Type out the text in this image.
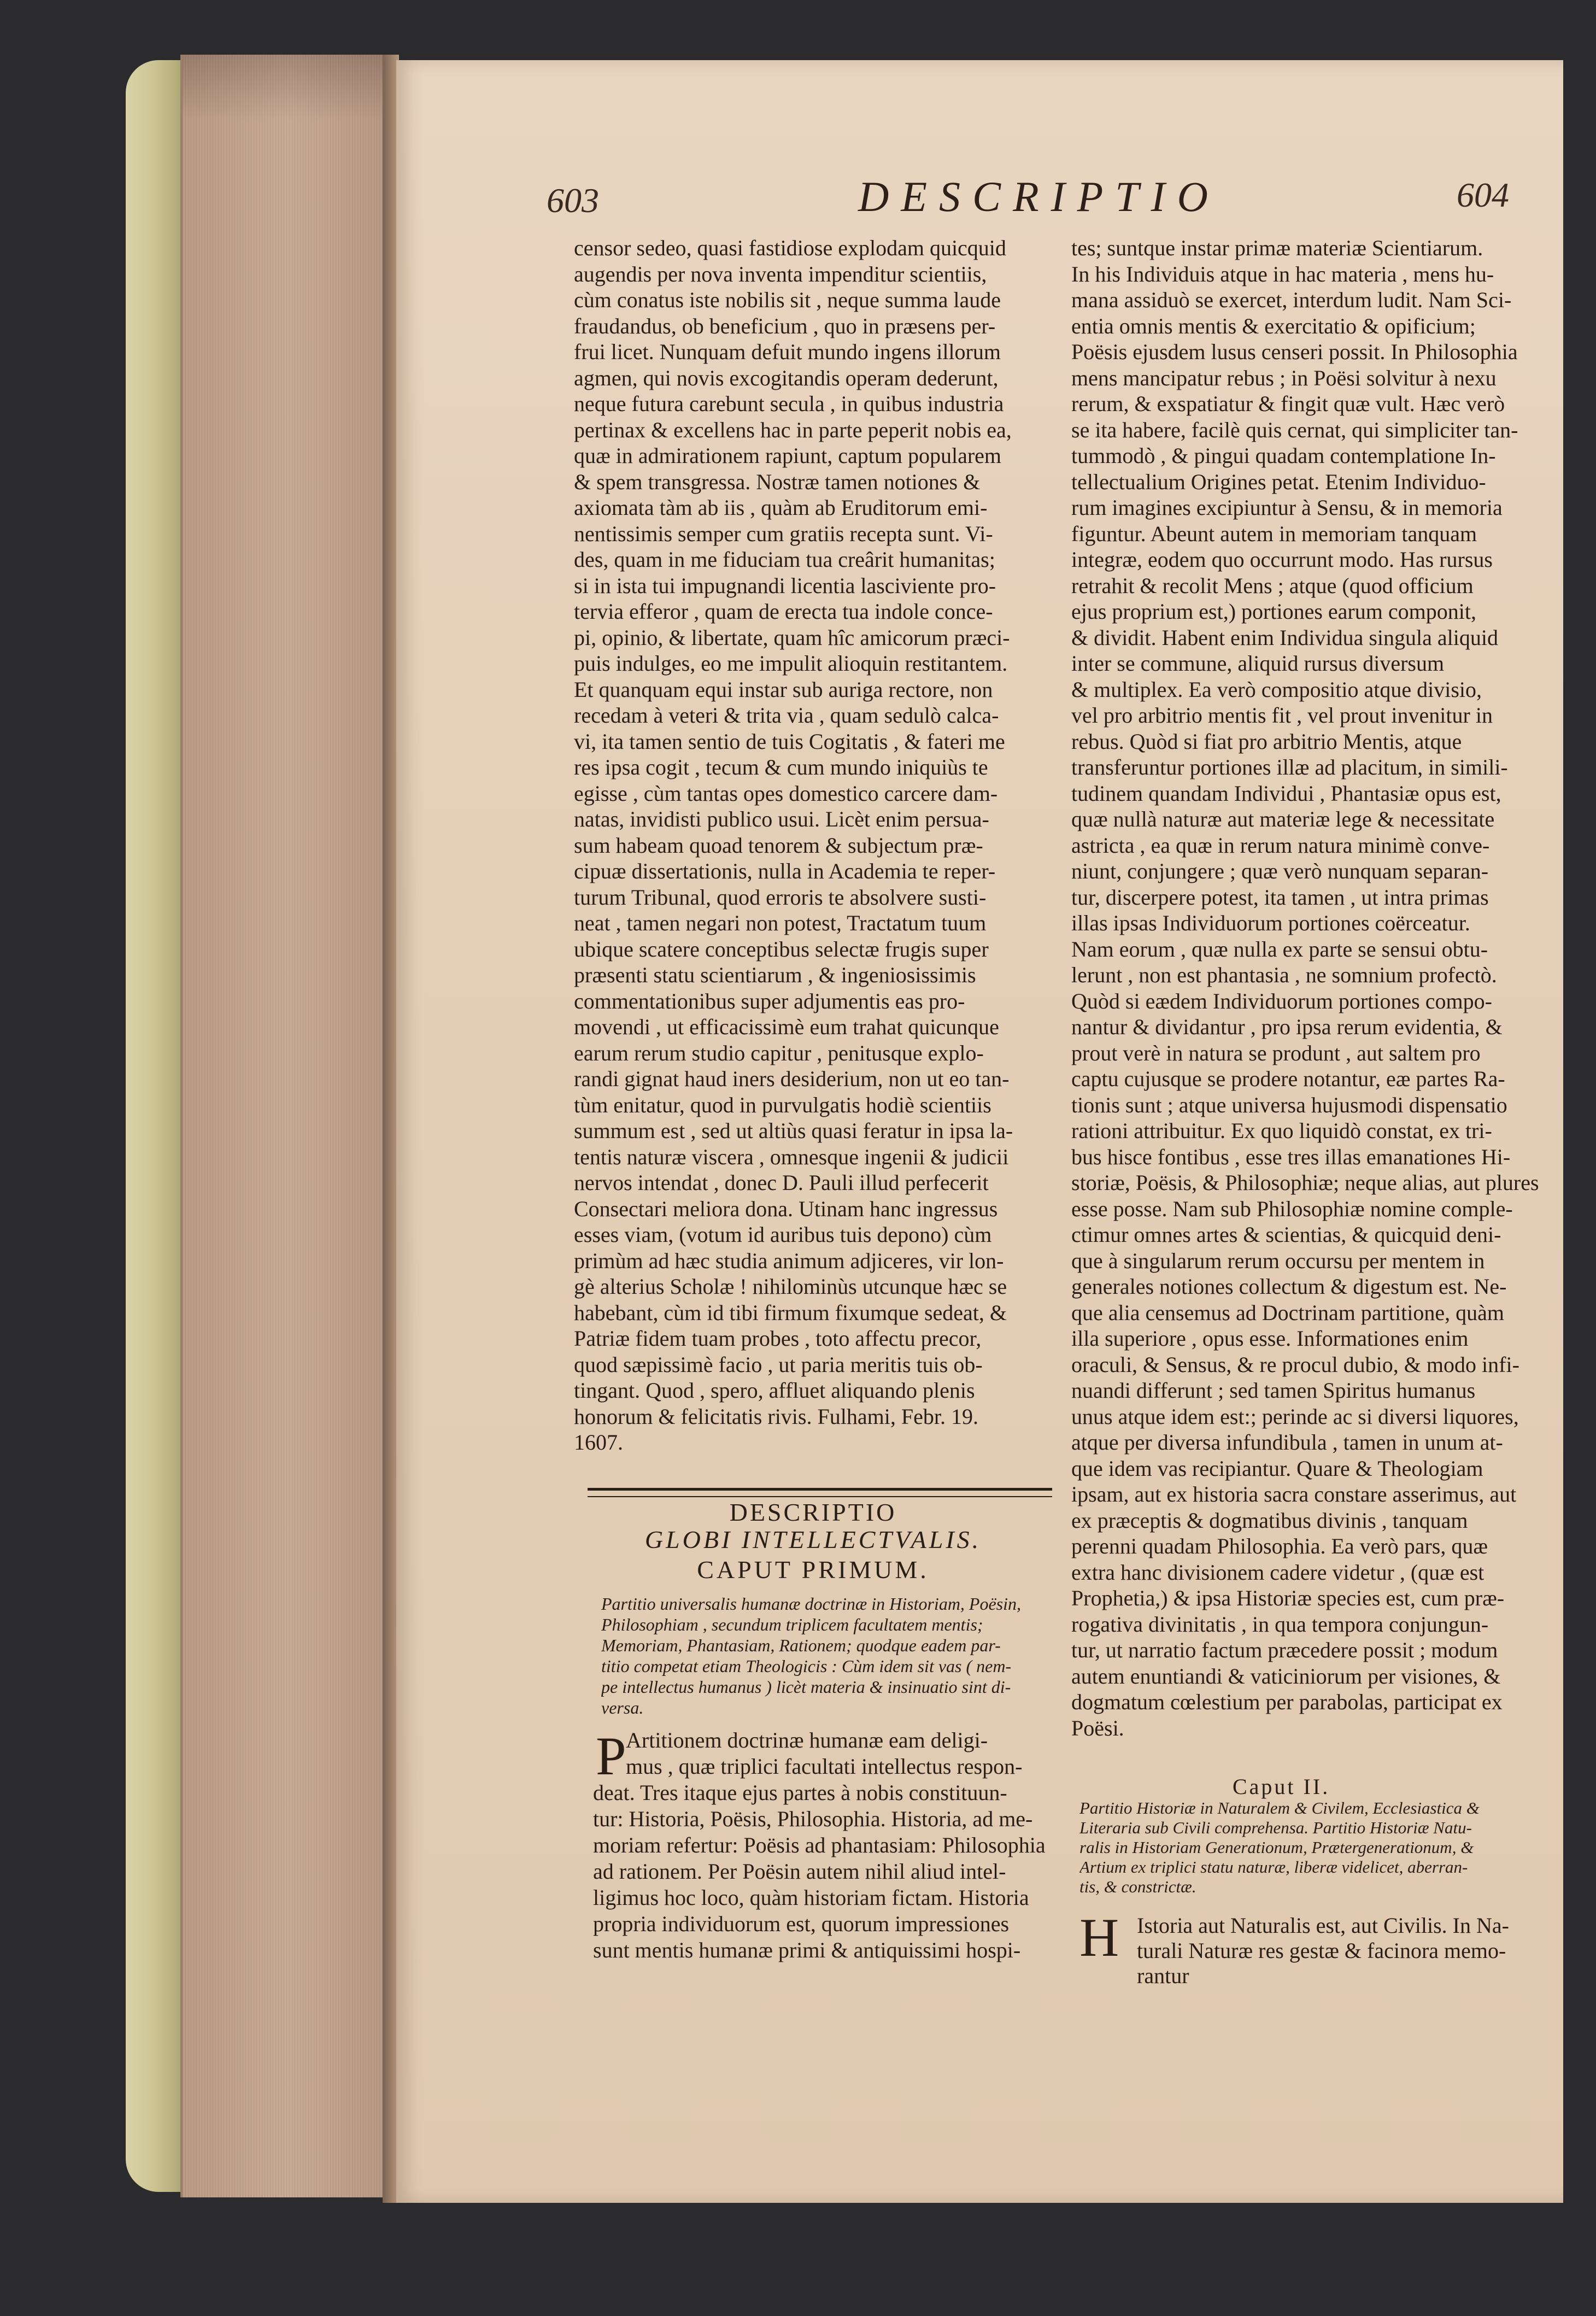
603	DESCRIPTIO	604
censor sedeo, quasi fastidiose explodam quicquid
augendis per nova inventa impenditur scientiis,
cùm conatus iste nobilis sit , neque summa laude
fraudandus, ob beneficium , quo in præsens per-
frui licet. Nunquam defuit mundo ingens illorum
agmen, qui novis excogitandis operam dederunt,
neque futura carebunt secula , in quibus industria
pertinax & excellens hac in parte peperit nobis ea,
quæ in admirationem rapiunt, captum popularem
& spem transgressa. Nostræ tamen notiones &
axiomata tàm ab iis , quàm ab Eruditorum emi-
nentissimis semper cum gratiis recepta sunt. Vi-
des, quam in me fiduciam tua creârit humanitas;
si in ista tui impugnandi licentia lasciviente pro-
tervia efferor , quam de erecta tua indole conce-
pi, opinio, & libertate, quam hîc amicorum præci-
puis indulges, eo me impulit alioquin restitantem.
Et quanquam equi instar sub auriga rectore, non
recedam à veteri & trita via , quam sedulò calca-
vi, ita tamen sentio de tuis Cogitatis , & fateri me
res ipsa cogit , tecum & cum mundo iniquiùs te
egisse , cùm tantas opes domestico carcere dam-
natas, invidisti publico usui. Licèt enim persua-
sum habeam quoad tenorem & subjectum præ-
cipuæ dissertationis, nulla in Academia te reper-
turum Tribunal, quod erroris te absolvere susti-
neat , tamen negari non potest, Tractatum tuum
ubique scatere conceptibus selectæ frugis super
præsenti statu scientiarum , & ingeniosissimis
commentationibus super adjumentis eas pro-
movendi , ut efficacissimè eum trahat quicunque
earum rerum studio capitur , penitusque explo-
randi gignat haud iners desiderium, non ut eo tan-
tùm enitatur, quod in purvulgatis hodiè scientiis
summum est , sed ut altiùs quasi feratur in ipsa la-
tentis naturæ viscera , omnesque ingenii & judicii
nervos intendat , donec D. Pauli illud perfecerit
Consectari meliora dona. Utinam hanc ingressus
esses viam, (votum id auribus tuis depono) cùm
primùm ad hæc studia animum adjiceres, vir lon-
gè alterius Scholæ ! nihilominùs utcunque hæc se
habebant, cùm id tibi firmum fixumque sedeat, &
Patriæ fidem tuam probes , toto affectu precor,
quod sæpissimè facio , ut paria meritis tuis ob-
tingant. Quod , spero, affluet aliquando plenis
honorum & felicitatis rivis. Fulhami, Febr. 19.
1607.
DESCRIPTIO
GLOBI INTELLECTVALIS.
CAPUT PRIMUM.
Partitio universalis humanæ doctrinæ in Historiam, Poësin,
Philosophiam , secundum triplicem facultatem mentis;
Memoriam, Phantasiam, Rationem; quodque eadem par-
titio competat etiam Theologicis : Cùm idem sit vas ( nem-
pe intellectus humanus ) licèt materia & insinuatio sint di-
versa.
P Artitionem doctrinæ humanæ eam deligi-
mus , quæ triplici facultati intellectus respon-
deat. Tres itaque ejus partes à nobis constituun-
tur: Historia, Poësis, Philosophia. Historia, ad me-
moriam refertur: Poësis ad phantasiam: Philosophia
ad rationem. Per Poësin autem nihil aliud intel-
ligimus hoc loco, quàm historiam fictam. Historia
propria individuorum est, quorum impressiones
sunt mentis humanæ primi & antiquissimi hospi-
tes; suntque instar primæ materiæ Scientiarum.
In his Individuis atque in hac materia , mens hu-
mana assiduò se exercet, interdum ludit. Nam Sci-
entia omnis mentis & exercitatio & opificium;
Poësis ejusdem lusus censeri possit. In Philosophia
mens mancipatur rebus ; in Poësi solvitur à nexu
rerum, & exspatiatur & fingit quæ vult. Hæc verò
se ita habere, facilè quis cernat, qui simpliciter tan-
tummodò , & pingui quadam contemplatione In-
tellectualium Origines petat. Etenim Individuo-
rum imagines excipiuntur à Sensu, & in memoria
figuntur. Abeunt autem in memoriam tanquam
integræ, eodem quo occurrunt modo. Has rursus
retrahit & recolit Mens ; atque (quod officium
ejus proprium est,) portiones earum componit,
& dividit. Habent enim Individua singula aliquid
inter se commune, aliquid rursus diversum
& multiplex. Ea verò compositio atque divisio,
vel pro arbitrio mentis fit , vel prout invenitur in
rebus. Quòd si fiat pro arbitrio Mentis, atque
transferuntur portiones illæ ad placitum, in simili-
tudinem quandam Individui , Phantasiæ opus est,
quæ nullà naturæ aut materiæ lege & necessitate
astricta , ea quæ in rerum natura minimè conve-
niunt, conjungere ; quæ verò nunquam separan-
tur, discerpere potest, ita tamen , ut intra primas
illas ipsas Individuorum portiones coërceatur.
Nam eorum , quæ nulla ex parte se sensui obtu-
lerunt , non est phantasia , ne somnium profectò.
Quòd si eædem Individuorum portiones compo-
nantur & dividantur , pro ipsa rerum evidentia, &
prout verè in natura se produnt , aut saltem pro
captu cujusque se prodere notantur, eæ partes Ra-
tionis sunt ; atque universa hujusmodi dispensatio
rationi attribuitur. Ex quo liquidò constat, ex tri-
bus hisce fontibus , esse tres illas emanationes Hi-
storiæ, Poësis, & Philosophiæ; neque alias, aut plures
esse posse. Nam sub Philosophiæ nomine comple-
ctimur omnes artes & scientias, & quicquid deni-
que à singularum rerum occursu per mentem in
generales notiones collectum & digestum est. Ne-
que alia censemus ad Doctrinam partitione, quàm
illa superiore , opus esse. Informationes enim
oraculi, & Sensus, & re procul dubio, & modo infi-
nuandi differunt ; sed tamen Spiritus humanus
unus atque idem est:; perinde ac si diversi liquores,
atque per diversa infundibula , tamen in unum at-
que idem vas recipiantur. Quare & Theologiam
ipsam, aut ex historia sacra constare asserimus, aut
ex præceptis & dogmatibus divinis , tanquam
perenni quadam Philosophia. Ea verò pars, quæ
extra hanc divisionem cadere videtur , (quæ est
Prophetia,) & ipsa Historiæ species est, cum præ-
rogativa divinitatis , in qua tempora conjungun-
tur, ut narratio factum præcedere possit ; modum
autem enuntiandi & vaticiniorum per visiones, &
dogmatum cœlestium per parabolas, participat ex
Poësi.
Caput II.
Partitio Historiæ in Naturalem & Civilem, Ecclesiastica &
Literaria sub Civili comprehensa. Partitio Historiæ Natu-
ralis in Historiam Generationum, Prætergenerationum, &
Artium ex triplici statu naturæ, liberæ videlicet, aberran-
tis, & constrictæ.
H Istoria aut Naturalis est, aut Civilis. In Na-
turali Naturæ res gestæ & facinora memo-
rantur
